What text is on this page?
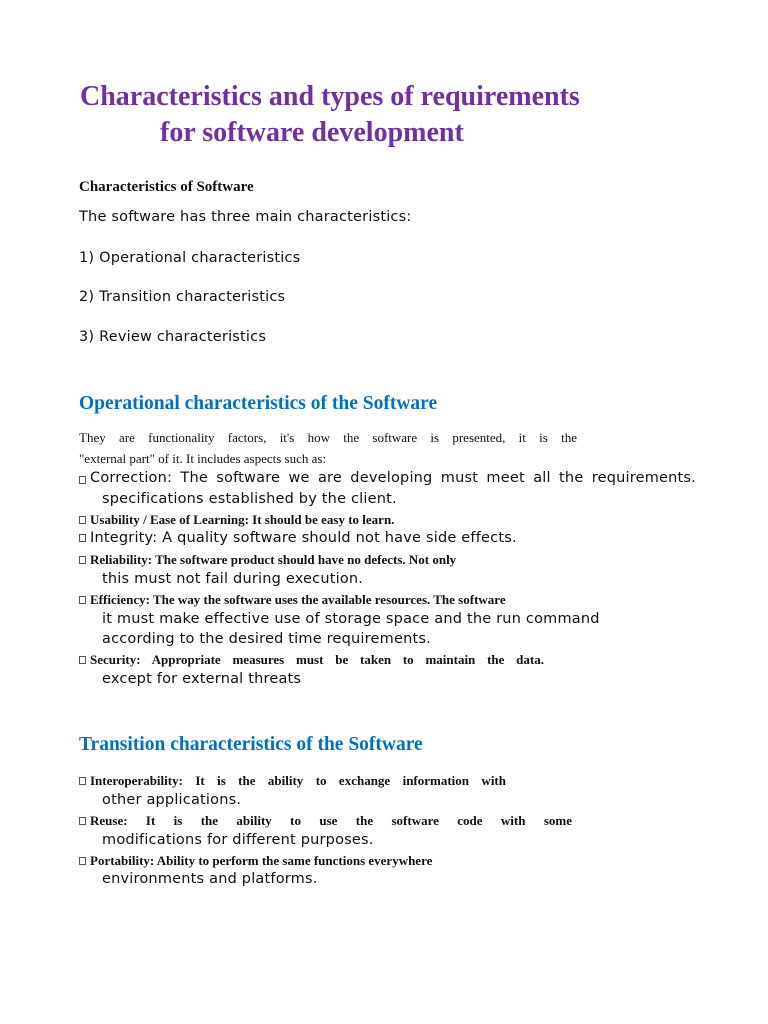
Characteristics and types of requirements
for software development
Characteristics of Software
The software has three main characteristics:
1) Operational characteristics
2) Transition characteristics
3) Review characteristics
Operational characteristics of the Software
They are functionality factors, it's how the software is presented, it is the
"external part" of it. It includes aspects such as:
Correction: The software we are developing must meet all the requirements.
specifications established by the client.
Usability / Ease of Learning: It should be easy to learn.
Integrity: A quality software should not have side effects.
Reliability: The software product should have no defects. Not only
this must not fail during execution.
Efficiency: The way the software uses the available resources. The software
it must make effective use of storage space and the run command
according to the desired time requirements.
Security: Appropriate measures must be taken to maintain the data.
except for external threats
Transition characteristics of the Software
Interoperability: It is the ability to exchange information with
other applications.
Reuse: It is the ability to use the software code with some
modifications for different purposes.
Portability: Ability to perform the same functions everywhere
environments and platforms.
